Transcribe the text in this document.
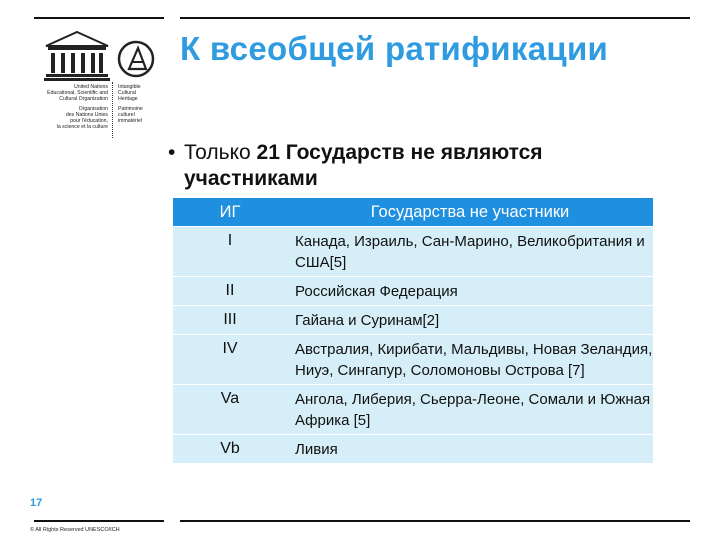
United Nations
Educational, Scientific and
Cultural Organization
Organisation
des Nations Unies
pour l'éducation,
la science et la culture
Intangible
Cultural
Heritage
Patrimoine
culturel
immatériel
К всеобщей ратификации
• Только 21 Государств не являются
участниками
ИГ	Государства не участники
I	Канада, Израиль, Сан-Марино, Великобритания и США[5]
II	Российская Федерация
III	Гайана и Суринам[2]
IV	Австралия, Кирибати, Мальдивы, Новая Зеландия, Ниуэ, Сингапур, Соломоновы Острова [7]
Va	Ангола, Либерия, Сьерра-Леоне, Сомали и Южная Африка [5]
Vb	Ливия
17
© All Rights Reserved UNESCO/ICH
